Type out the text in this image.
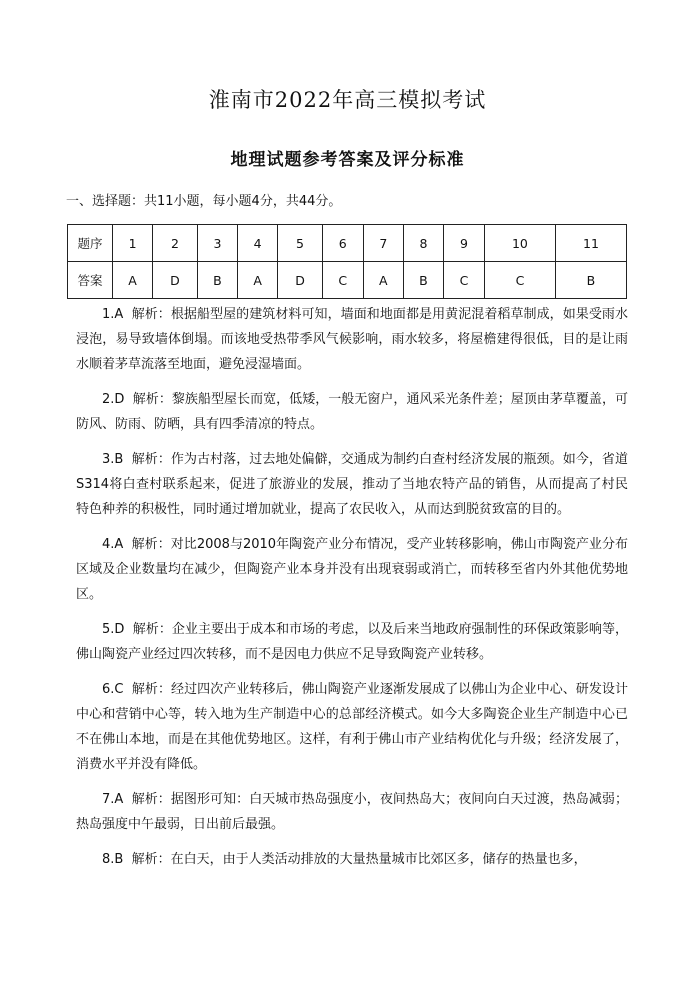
淮南市2022年高三模拟考试
地理试题参考答案及评分标准
一、选择题：共11小题，每小题4分，共44分。
题序	1	2	3	4	5	6	7	8	9	10	11
答案	A	D	B	A	D	C	A	B	C	C	B
1.A 解析：根据船型屋的建筑材料可知，墙面和地面都是用黄泥混着稻草制成，如果受雨水浸泡，易导致墙体倒塌。而该地受热带季风气候影响，雨水较多，将屋檐建得很低，目的是让雨水顺着茅草流落至地面，避免浸湿墙面。
2.D 解析：黎族船型屋长而宽，低矮，一般无窗户，通风采光条件差；屋顶由茅草覆盖，可防风、防雨、防晒，具有四季清凉的特点。
3.B 解析：作为古村落，过去地处偏僻，交通成为制约白查村经济发展的瓶颈。如今，省道S314将白查村联系起来，促进了旅游业的发展，推动了当地农特产品的销售，从而提高了村民特色种养的积极性，同时通过增加就业，提高了农民收入，从而达到脱贫致富的目的。
4.A 解析：对比2008与2010年陶瓷产业分布情况，受产业转移影响，佛山市陶瓷产业分布区域及企业数量均在减少，但陶瓷产业本身并没有出现衰弱或消亡，而转移至省内外其他优势地区。
5.D 解析：企业主要出于成本和市场的考虑，以及后来当地政府强制性的环保政策影响等，佛山陶瓷产业经过四次转移，而不是因电力供应不足导致陶瓷产业转移。
6.C 解析：经过四次产业转移后，佛山陶瓷产业逐渐发展成了以佛山为企业中心、研发设计中心和营销中心等，转入地为生产制造中心的总部经济模式。如今大多陶瓷企业生产制造中心已不在佛山本地，而是在其他优势地区。这样，有利于佛山市产业结构优化与升级；经济发展了，消费水平并没有降低。
7.A 解析：据图形可知：白天城市热岛强度小，夜间热岛大；夜间向白天过渡，热岛减弱；热岛强度中午最弱，日出前后最强。
8.B 解析：在白天，由于人类活动排放的大量热量城市比郊区多，储存的热量也多，
